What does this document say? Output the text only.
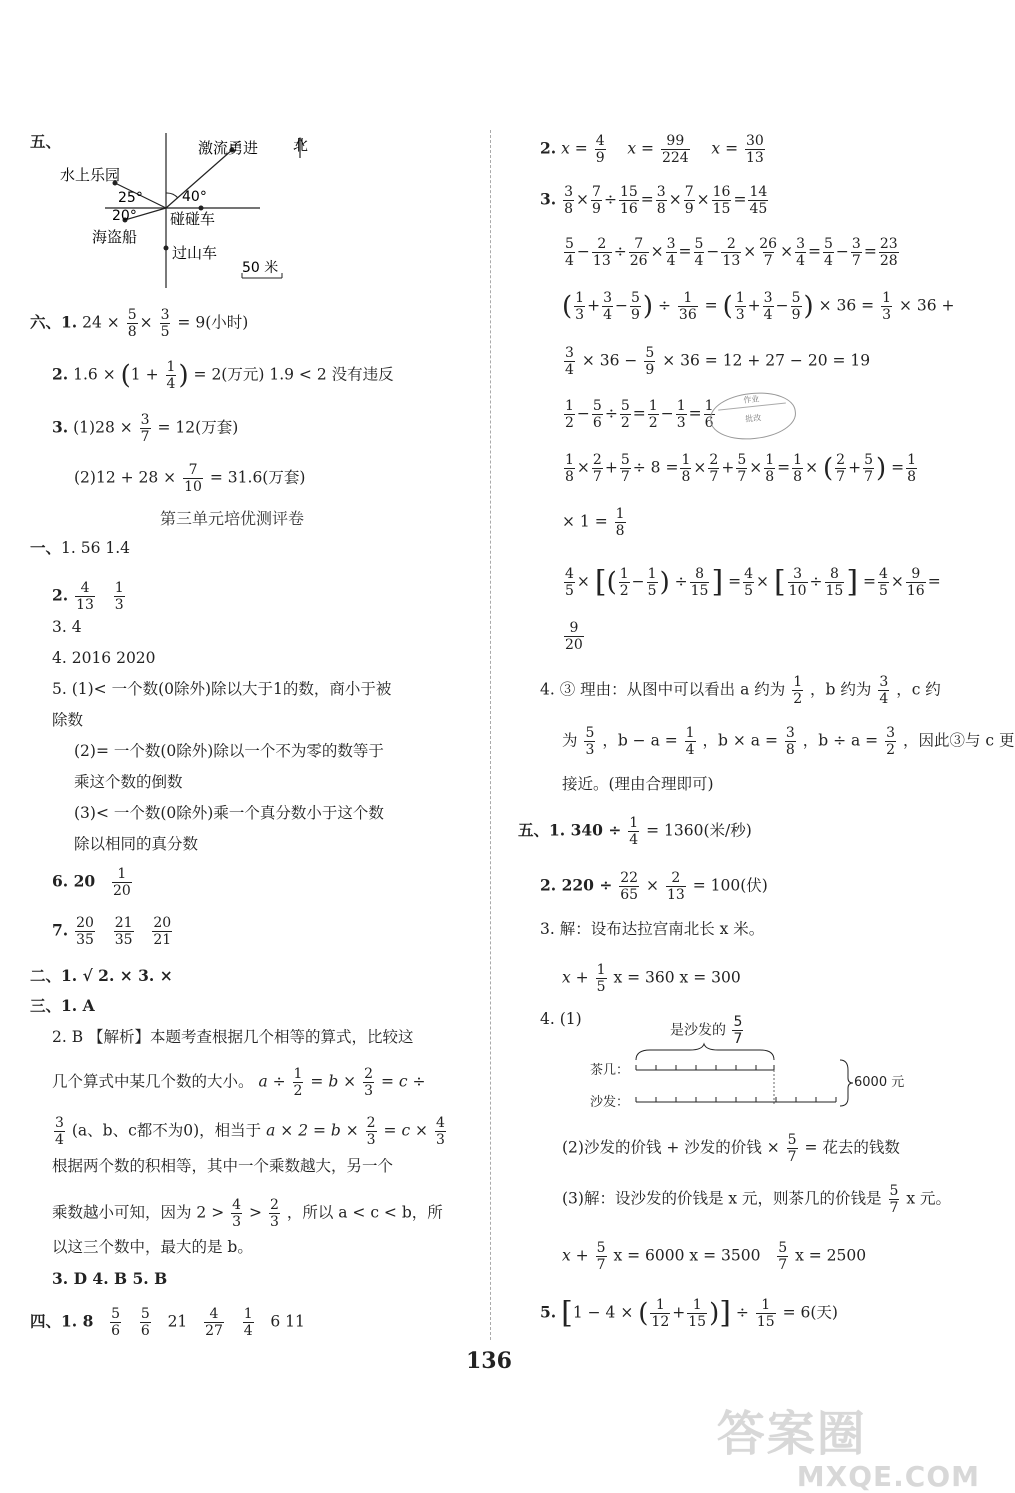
五、	北
激流勇进
水上乐园
25°
20°
40°
碰碰车
海盗船
过山车
50 米
六、1. $24 \times \frac{5}{8} \times \frac{3}{5} = 9$(小时)
2. $1.6 \times (1 + \frac{1}{4}$ ) = 2(万元) 1.9 < 2 没有违反
3. $(1)28 \times \frac{3}{7} = 12$(万套)
$(2)12 + 28 \times \frac{7}{10} = 31.6$(万套)
第三单元培优测评卷
一、1. 56 1.4
2. $\frac{4}{13}$
$\frac{1}{3}$
3. 4
4. 2016 2020
5. (1)< 一个数(0除外)除以大于1的数，商小于被
除数
(2)= 一个数(0除外)除以一个不为零的数等于
乘这个数的倒数
(3)< 一个数(0除外)乘一个真分数小于这个数
除以相同的真分数
6. $20 \frac{1}{20}$
7. $\frac{20}{35}$
$\frac{21}{35}$
$\frac{20}{21}$
二、1. √ 2. × 3. ×
三、1. A
2. B 【解析】本题考查根据几个相等的算式，比较这
几个算式中某几个数的大小。 $a \div \frac{1}{2} = b \times \frac{2}{3} = c$ ÷
$\frac{3}{4} (a$、b、c都不为0)，相当于 $a \times 2 = b \times \frac{2}{3} = c \times \frac{4}{3}$
根据两个数的积相等，其中一个乘数越大，另一个
乘数越小可知，因为 $2 > \frac{4}{3} > \frac{2}{3}$ ，所以 a < c < b，所
以这三个数中，最大的是 b。
3. D 4. B 5. B
四、1. $8 \frac{5}{6}$
$\frac{5}{6} 21 \frac{4}{27}$
$\frac{1}{4} 6$ 11
2. $x = \frac{4}{9}$ $x = \frac{99}{224}$ $x = \frac{30}{13}$
3. $\frac{3}{8} \times \frac{7}{9} \div \frac{15}{16} = \frac{3}{8} \times \frac{7}{9} \times \frac{16}{15} = \frac{14}{45}$
$\frac{5}{4} - \frac{2}{13} \div \frac{7}{26} \times \frac{3}{4} = \frac{5}{4} - \frac{2}{13} \times \frac{26}{7} \times \frac{3}{4} = \frac{5}{4} - \frac{3}{7} = \frac{23}{28}$
( $\frac{1}{3} + \frac{3}{4} - \frac{5}{9}$ ) ÷ $\frac{1}{36}$ = ( $\frac{1}{3} + \frac{3}{4} - \frac{5}{9}$ ) × $36 = \frac{1}{3} \times 36$ +
$\frac{3}{4} \times 36 - \frac{5}{9} \times 36 = 12 + 27 - 20 = 19$
$\frac{1}{2} - \frac{5}{6} \div \frac{5}{2} = \frac{1}{2} - \frac{1}{3} = \frac{1}{6}$	作业
批改
$\frac{1}{8} \times \frac{2}{7} + \frac{5}{7} \div 8 = \frac{1}{8} \times \frac{2}{7} + \frac{5}{7} \times \frac{1}{8} = \frac{1}{8}$ × ( $\frac{2}{7} + \frac{5}{7}$ ) = $\frac{1}{8}$
× $1 = \frac{1}{8}$
$\frac{4}{5}$ × [( $\frac{1}{2} - \frac{1}{5}$ ) ÷ $\frac{8}{15}$ ] = $\frac{4}{5}$ × [ $\frac{3}{10} \div \frac{8}{15}$ ] = $\frac{4}{5} \times \frac{9}{16}$ =
$\frac{9}{20}$
4. ③ 理由：从图中可以看出 a 约为 $\frac{1}{2}$ ，b 约为 $\frac{3}{4}$ ，c 约
为 $\frac{5}{3}$ ，$b - a = \frac{1}{4}$ ，$b \times a = \frac{3}{8}$ ，$b \div a = \frac{3}{2}$ ，因此③与 c 更
接近。(理由合理即可)
五、1. $340 \div \frac{1}{4} = 1360$(米/秒)
2. $220 \div \frac{22}{65} \times \frac{2}{13} = 100$(伏)
3. 解：设布达拉宫南北长 x 米。
$x + \frac{1}{5}$ x = 360 x = 300
4. (1)
是沙发的 $\frac{5}{7}$
茶几：
沙发：
6000 元
(2)沙发的价钱 + 沙发的价钱 × $\frac{5}{7}$ = 花去的钱数
(3)解：设沙发的价钱是 x 元，则茶几的价钱是 $\frac{5}{7}$ x 元。
$x + \frac{5}{7}$ x = 6000 $x = 3500 \frac{5}{7}$ x = 2500
5. [1 − 4 × ( $\frac{1}{12} + \frac{1}{15}$ )] ÷ $\frac{1}{15} = 6$(天)
136
答案圈
MXQE.COM
